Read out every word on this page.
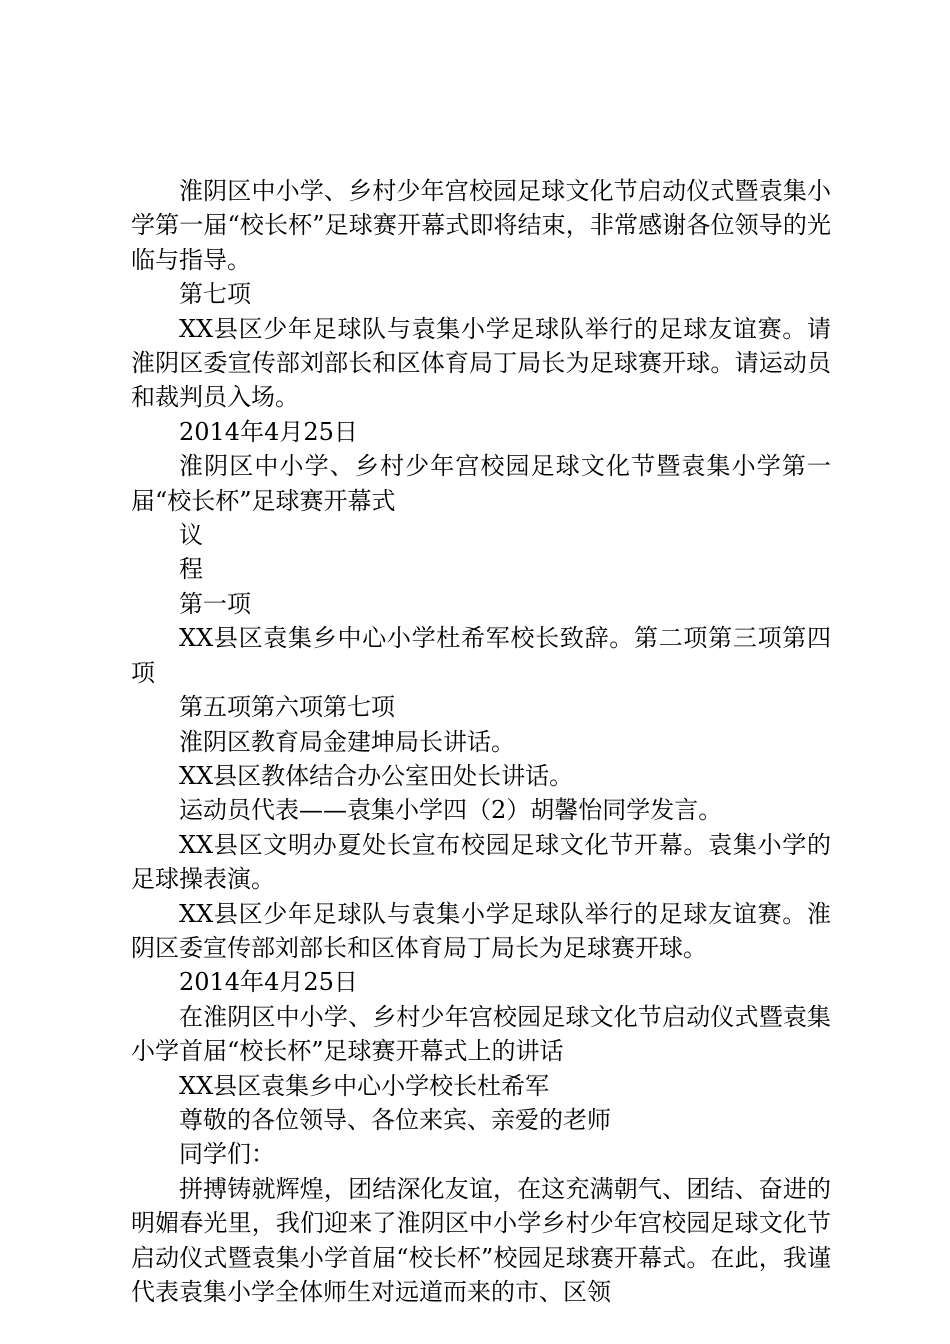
淮阴区中小学、乡村少年宫校园足球文化节启动仪式暨袁集小学第一届“校长杯”足球赛开幕式即将结束，非常感谢各位领导的光临与指导。

第七项

XX县区少年足球队与袁集小学足球队举行的足球友谊赛。请淮阴区委宣传部刘部长和区体育局丁局长为足球赛开球。请运动员和裁判员入场。

2014年4月25日

淮阴区中小学、乡村少年宫校园足球文化节暨袁集小学第一届“校长杯”足球赛开幕式

议

程

第一项

XX县区袁集乡中心小学杜希军校长致辞。第二项第三项第四项

第五项第六项第七项

淮阴区教育局金建坤局长讲话。

XX县区教体结合办公室田处长讲话。

运动员代表——袁集小学四（2）胡馨怡同学发言。

XX县区文明办夏处长宣布校园足球文化节开幕。袁集小学的足球操表演。

XX县区少年足球队与袁集小学足球队举行的足球友谊赛。淮阴区委宣传部刘部长和区体育局丁局长为足球赛开球。

2014年4月25日

在淮阴区中小学、乡村少年宫校园足球文化节启动仪式暨袁集小学首届“校长杯”足球赛开幕式上的讲话

XX县区袁集乡中心小学校长杜希军

尊敬的各位领导、各位来宾、亲爱的老师

同学们：

拼搏铸就辉煌，团结深化友谊，在这充满朝气、团结、奋进的明媚春光里，我们迎来了淮阴区中小学乡村少年宫校园足球文化节启动仪式暨袁集小学首届“校长杯”校园足球赛开幕式。在此，我谨代表袁集小学全体师生对远道而来的市、区领
